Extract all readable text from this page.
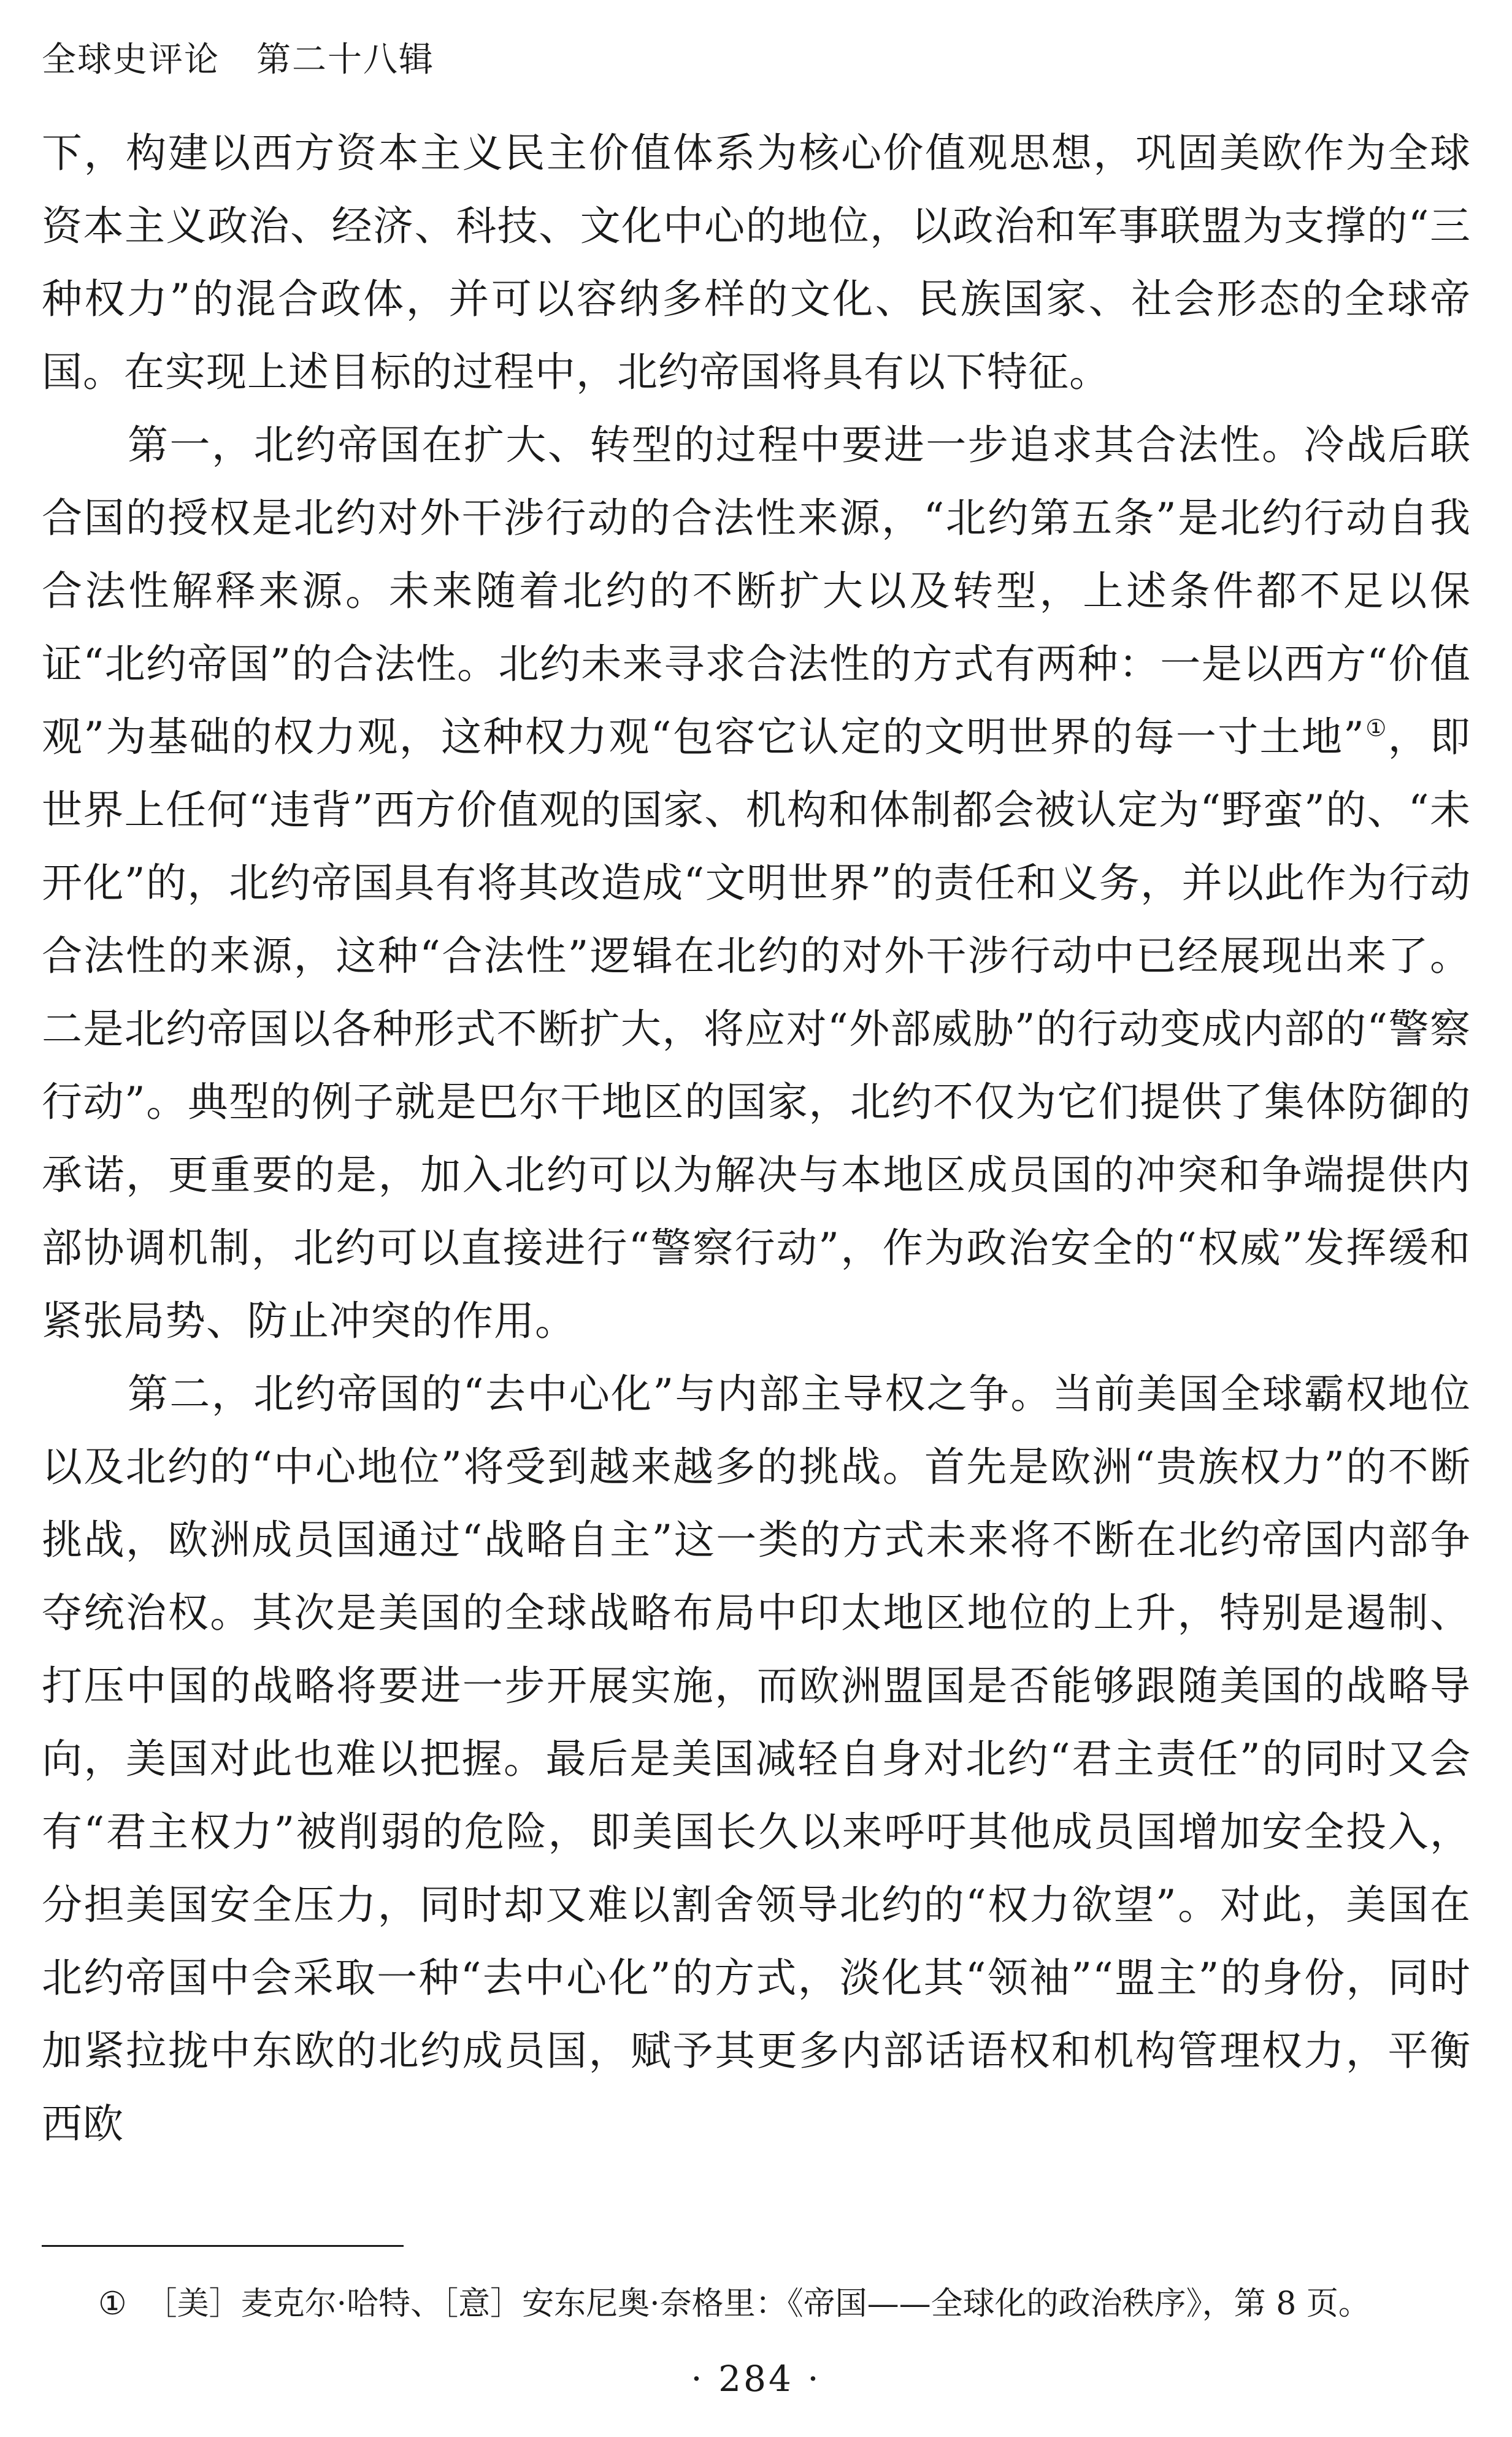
全球史评论 第二十八辑

下，构建以西方资本主义民主价值体系为核心价值观思想，巩固美欧作为全球资本主义政治、经济、科技、文化中心的地位，以政治和军事联盟为支撑的“三种权力”的混合政体，并可以容纳多样的文化、民族国家、社会形态的全球帝国。在实现上述目标的过程中，北约帝国将具有以下特征。

第一，北约帝国在扩大、转型的过程中要进一步追求其合法性。冷战后联合国的授权是北约对外干涉行动的合法性来源，“北约第五条”是北约行动自我合法性解释来源。未来随着北约的不断扩大以及转型，上述条件都不足以保证“北约帝国”的合法性。北约未来寻求合法性的方式有两种：一是以西方“价值观”为基础的权力观，这种权力观“包容它认定的文明世界的每一寸土地”①，即世界上任何“违背”西方价值观的国家、机构和体制都会被认定为“野蛮”的、“未开化”的，北约帝国具有将其改造成“文明世界”的责任和义务，并以此作为行动合法性的来源，这种“合法性”逻辑在北约的对外干涉行动中已经展现出来了。二是北约帝国以各种形式不断扩大，将应对“外部威胁”的行动变成内部的“警察行动”。典型的例子就是巴尔干地区的国家，北约不仅为它们提供了集体防御的承诺，更重要的是，加入北约可以为解决与本地区成员国的冲突和争端提供内部协调机制，北约可以直接进行“警察行动”，作为政治安全的“权威”发挥缓和紧张局势、防止冲突的作用。

第二，北约帝国的“去中心化”与内部主导权之争。当前美国全球霸权地位以及北约的“中心地位”将受到越来越多的挑战。首先是欧洲“贵族权力”的不断挑战，欧洲成员国通过“战略自主”这一类的方式未来将不断在北约帝国内部争夺统治权。其次是美国的全球战略布局中印太地区地位的上升，特别是遏制、打压中国的战略将要进一步开展实施，而欧洲盟国是否能够跟随美国的战略导向，美国对此也难以把握。最后是美国减轻自身对北约“君主责任”的同时又会有“君主权力”被削弱的危险，即美国长久以来呼吁其他成员国增加安全投入，分担美国安全压力，同时却又难以割舍领导北约的“权力欲望”。对此，美国在北约帝国中会采取一种“去中心化”的方式，淡化其“领袖”“盟主”的身份，同时加紧拉拢中东欧的北约成员国，赋予其更多内部话语权和机构管理权力，平衡西欧

① ［美］麦克尔·哈特、［意］安东尼奥·奈格里：《帝国——全球化的政治秩序》，第 8 页。
· 284 ·
